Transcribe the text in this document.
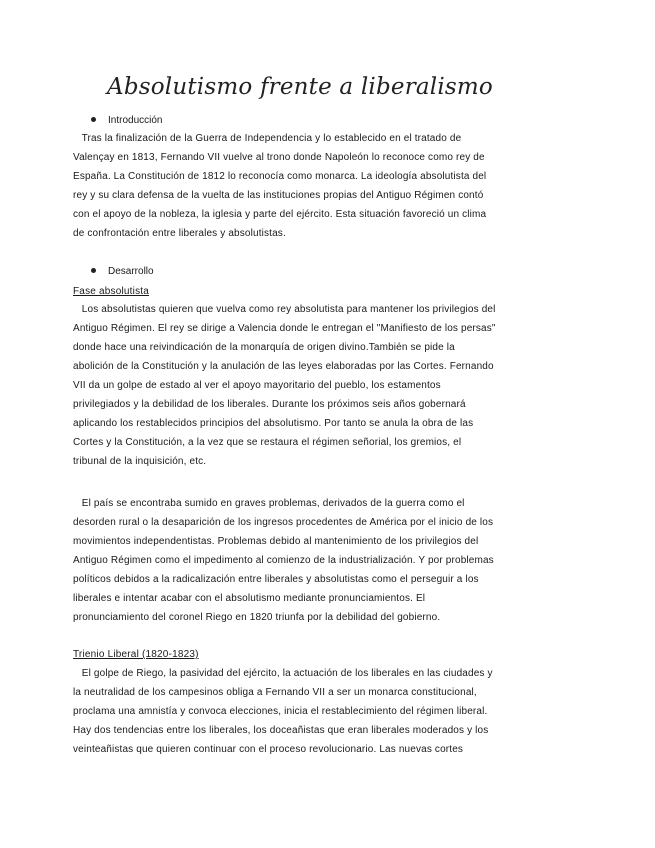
Absolutismo frente a liberalismo
Introducción
Tras la finalización de la Guerra de Independencia y lo establecido en el tratado de
Valençay en 1813, Fernando VII vuelve al trono donde Napoleón lo reconoce como rey de
España. La Constitución de 1812 lo reconocía como monarca. La ideología absolutista del
rey y su clara defensa de la vuelta de las instituciones propias del Antiguo Régimen contó
con el apoyo de la nobleza, la iglesia y parte del ejército. Esta situación favoreció un clima
de confrontación entre liberales y absolutistas.
Desarrollo
Fase absolutista
Los absolutistas quieren que vuelva como rey absolutista para mantener los privilegios del
Antiguo Régimen. El rey se dirige a Valencia donde le entregan el "Manifiesto de los persas"
donde hace una reivindicación de la monarquía de origen divino.También se pide la
abolición de la Constitución y la anulación de las leyes elaboradas por las Cortes. Fernando
VII da un golpe de estado al ver el apoyo mayoritario del pueblo, los estamentos
privilegiados y la debilidad de los liberales. Durante los próximos seis años gobernará
aplicando los restablecidos principios del absolutismo. Por tanto se anula la obra de las
Cortes y la Constitución, a la vez que se restaura el régimen señorial, los gremios, el
tribunal de la inquisición, etc.
El país se encontraba sumido en graves problemas, derivados de la guerra como el
desorden rural o la desaparición de los ingresos procedentes de América por el inicio de los
movimientos independentistas. Problemas debido al mantenimiento de los privilegios del
Antiguo Régimen como el impedimento al comienzo de la industrialización. Y por problemas
políticos debidos a la radicalización entre liberales y absolutistas como el perseguir a los
liberales e intentar acabar con el absolutismo mediante pronunciamientos. El
pronunciamiento del coronel Riego en 1820 triunfa por la debilidad del gobierno.
Trienio Liberal (1820-1823)
El golpe de Riego, la pasividad del ejército, la actuación de los liberales en las ciudades y
la neutralidad de los campesinos obliga a Fernando VII a ser un monarca constitucional,
proclama una amnistía y convoca elecciones, inicia el restablecimiento del régimen liberal.
Hay dos tendencias entre los liberales, los doceañistas que eran liberales moderados y los
veinteañistas que quieren continuar con el proceso revolucionario. Las nuevas cortes
